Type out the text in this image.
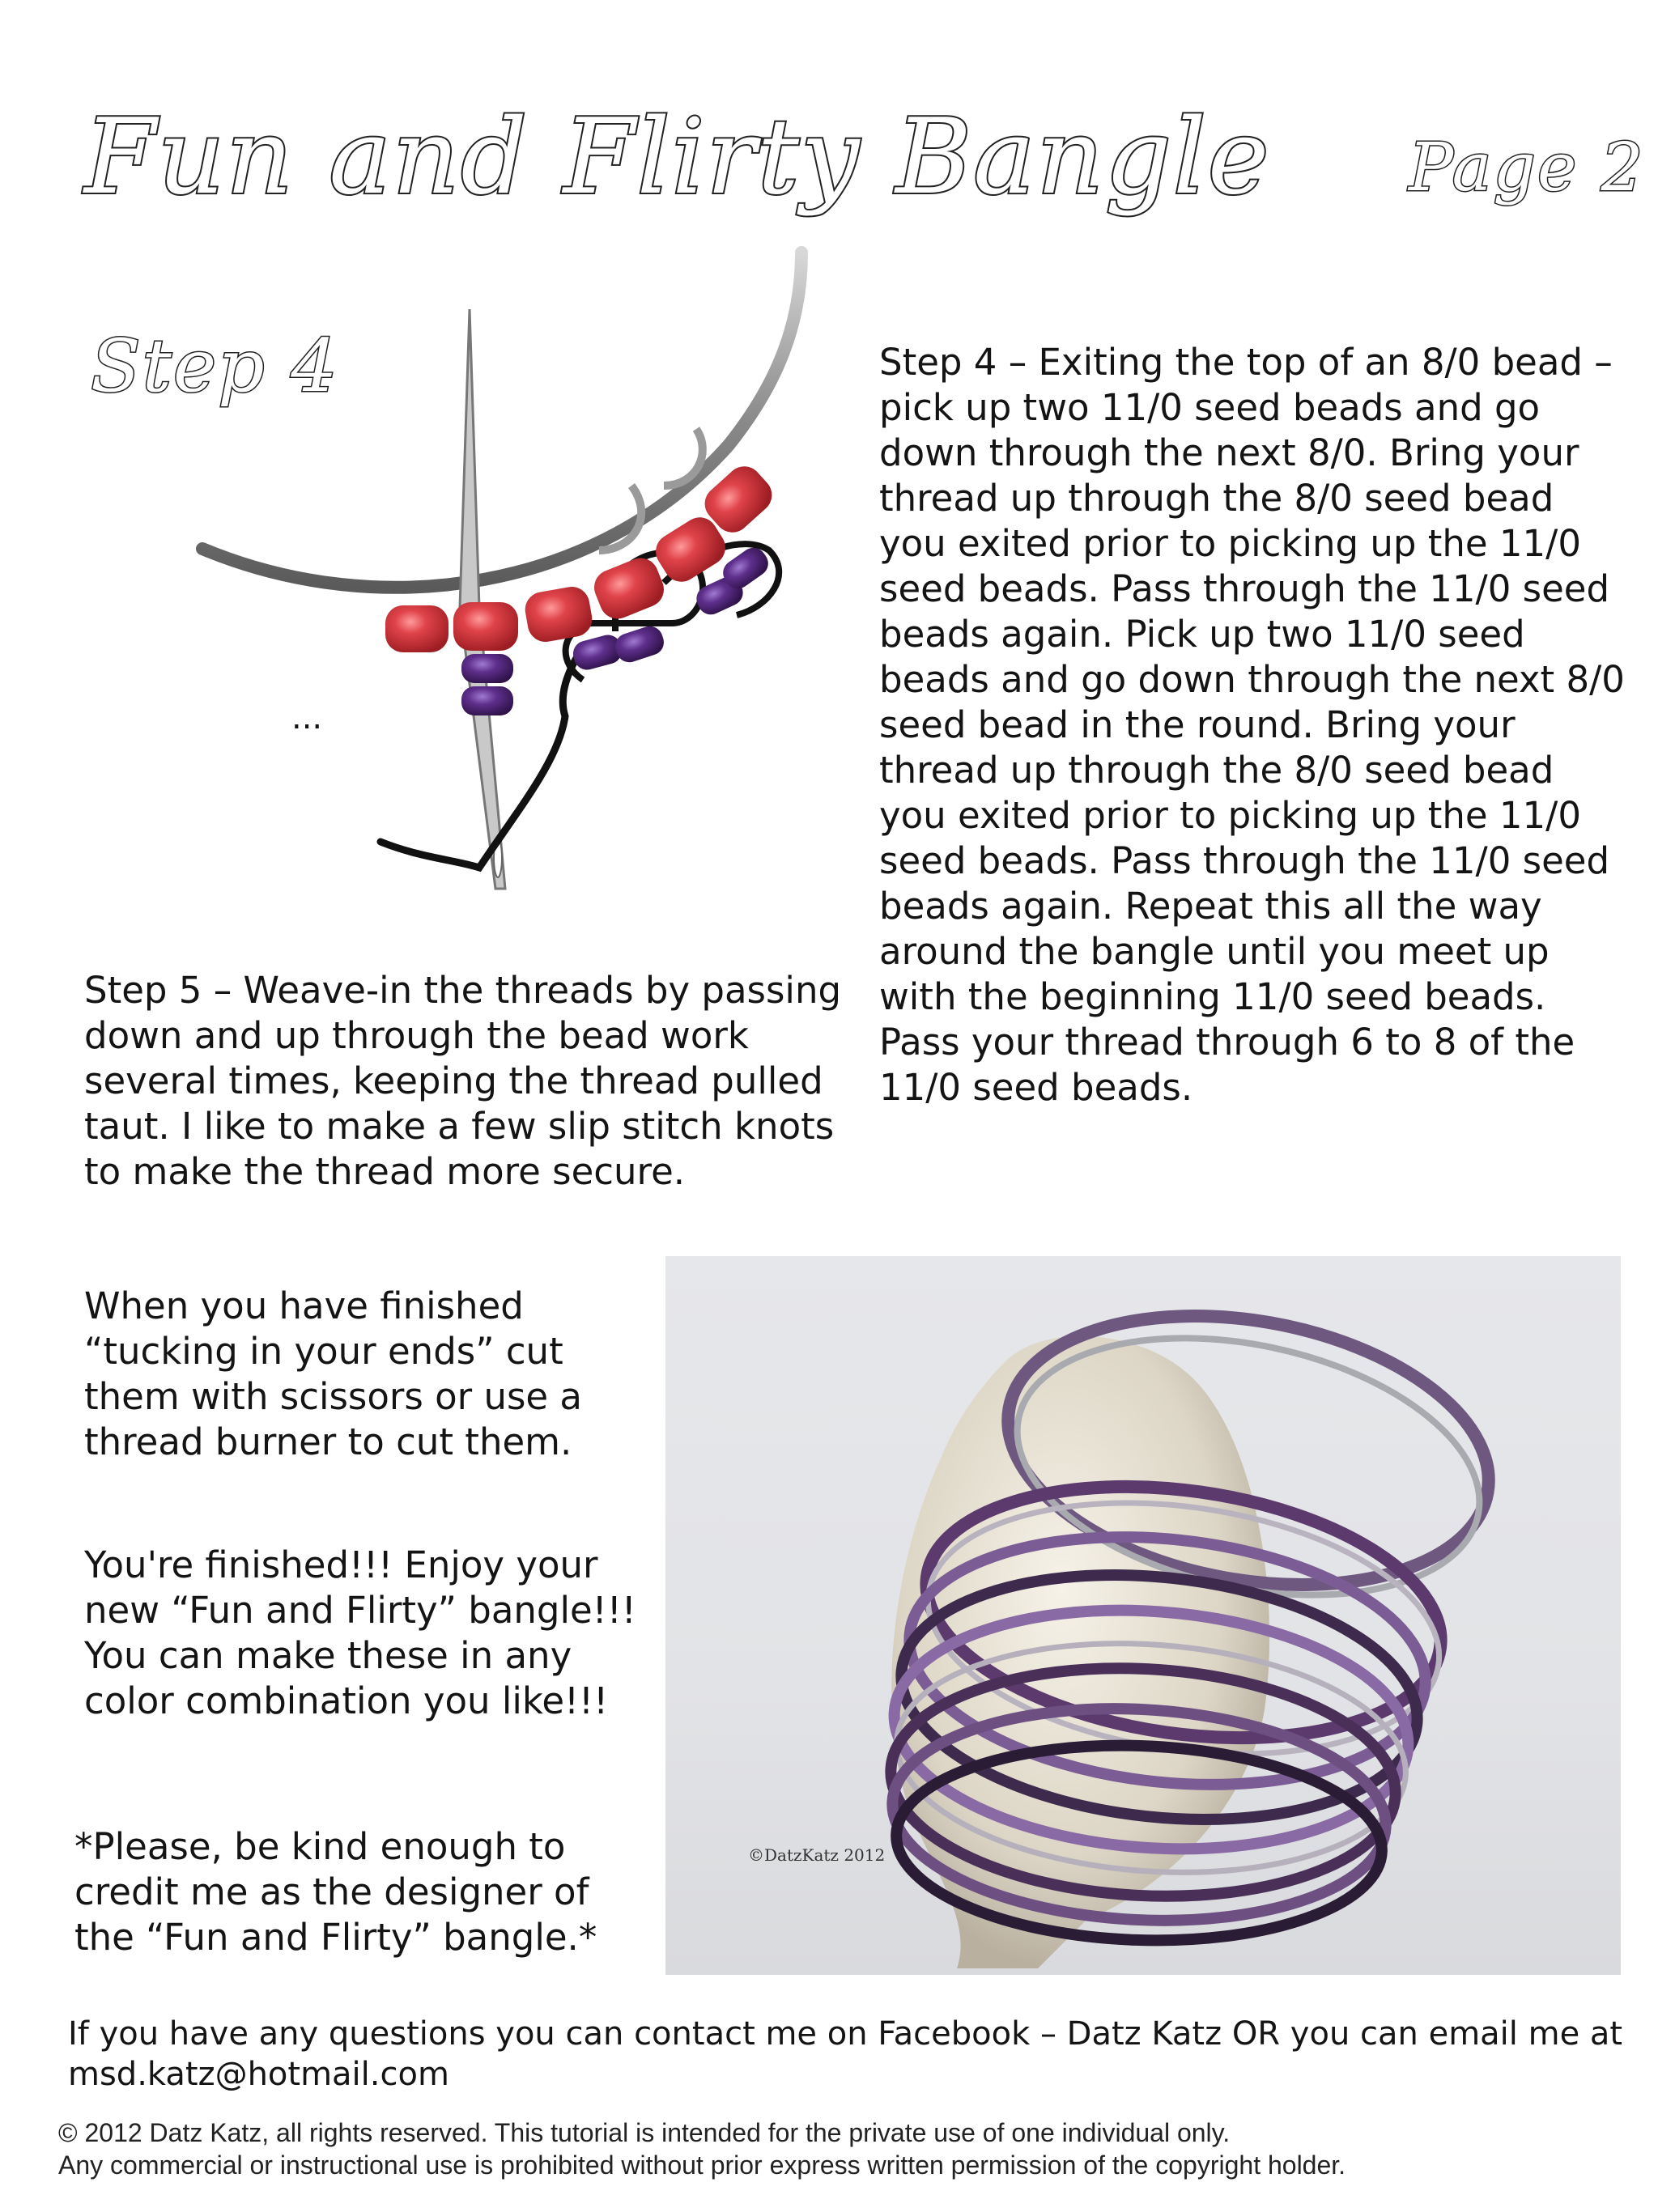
Fun and Flirty Bangle Page 2
Step 4
...
Step 4 – Exiting the top of an 8/0 bead – pick up two 11/0 seed beads and go down through the next 8/0. Bring your thread up through the 8/0 seed bead you exited prior to picking up the 11/0 seed beads. Pass through the 11/0 seed beads again. Pick up two 11/0 seed beads and go down through the next 8/0 seed bead in the round. Bring your thread up through the 8/0 seed bead you exited prior to picking up the 11/0 seed beads. Pass through the 11/0 seed beads again. Repeat this all the way around the bangle until you meet up with the beginning 11/0 seed beads. Pass your thread through 6 to 8 of the 11/0 seed beads.
Step 5 – Weave-in the threads by passing down and up through the bead work several times, keeping the thread pulled taut. I like to make a few slip stitch knots to make the thread more secure.
When you have finished “tucking in your ends” cut them with scissors or use a thread burner to cut them.
You're finished!!! Enjoy your new “Fun and Flirty” bangle!!! You can make these in any color combination you like!!!
*Please, be kind enough to credit me as the designer of the “Fun and Flirty” bangle.*
©DatzKatz 2012
If you have any questions you can contact me on Facebook – Datz Katz OR you can email me at msd.katz@hotmail.com
© 2012 Datz Katz, all rights reserved. This tutorial is intended for the private use of one individual only.
Any commercial or instructional use is prohibited without prior express written permission of the copyright holder.
